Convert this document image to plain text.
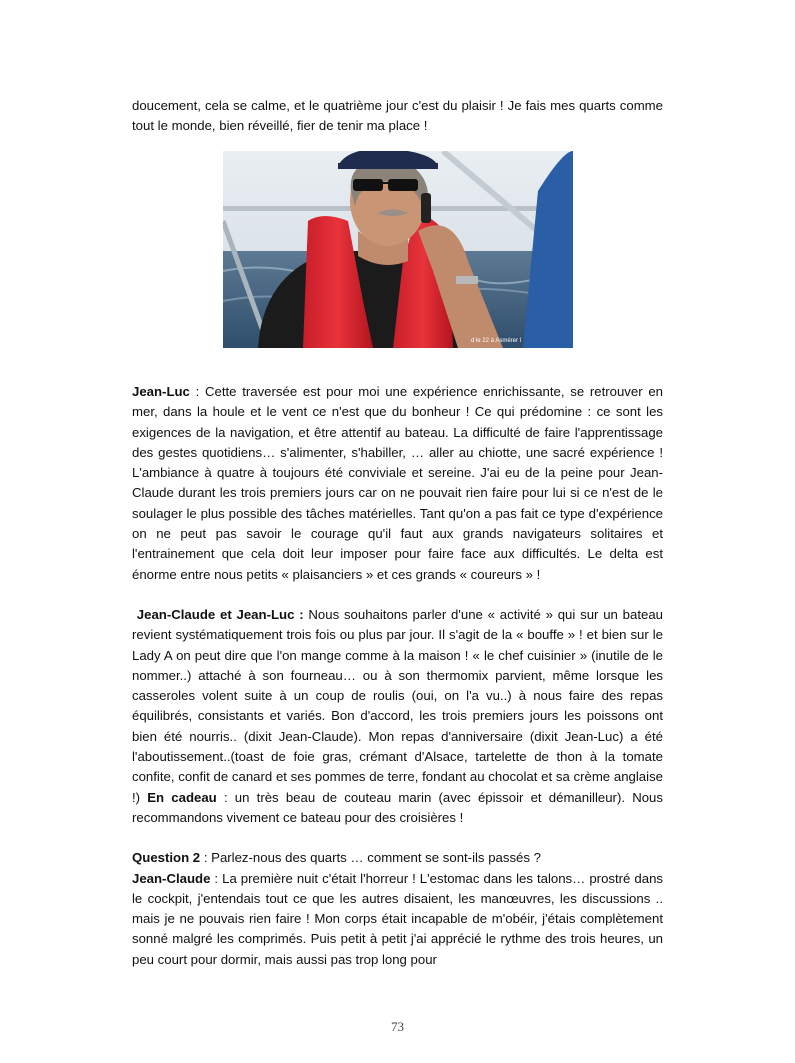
doucement, cela se calme, et le quatrième jour c'est du plaisir ! Je fais mes quarts comme tout le monde, bien réveillé, fier de tenir ma place !

d le 22 à Asmérer l

Jean-Luc : Cette traversée est pour moi une expérience enrichissante, se retrouver en mer, dans la houle et le vent ce n'est que du bonheur ! Ce qui prédomine : ce sont les exigences de la navigation, et être attentif au bateau. La difficulté de faire l'apprentissage des gestes quotidiens… s'alimenter, s'habiller, … aller au chiotte, une sacré expérience ! L'ambiance à quatre à toujours été conviviale et sereine. J'ai eu de la peine pour Jean-Claude durant les trois premiers jours car on ne pouvait rien faire pour lui si ce n'est de le soulager le plus possible des tâches matérielles. Tant qu'on a pas fait ce type d'expérience on ne peut pas savoir le courage qu'il faut aux grands navigateurs solitaires et l'entrainement que cela doit leur imposer pour faire face aux difficultés. Le delta est énorme entre nous petits « plaisanciers » et ces grands « coureurs » !

Jean-Claude et Jean-Luc : Nous souhaitons parler d'une « activité » qui sur un bateau revient systématiquement trois fois ou plus par jour. Il s'agit de la « bouffe » ! et bien sur le Lady A on peut dire que l'on mange comme à la maison ! « le chef cuisinier » (inutile de le nommer..) attaché à son fourneau… ou à son thermomix parvient, même lorsque les casseroles volent suite à un coup de roulis (oui, on l'a vu..) à nous faire des repas équilibrés, consistants et variés. Bon d'accord, les trois premiers jours les poissons ont bien été nourris.. (dixit Jean-Claude). Mon repas d'anniversaire (dixit Jean-Luc) a été l'aboutissement..(toast de foie gras, crémant d'Alsace, tartelette de thon à la tomate confite, confit de canard et ses pommes de terre, fondant au chocolat et sa crème anglaise !) En cadeau : un très beau de couteau marin (avec épissoir et démanilleur). Nous recommandons vivement ce bateau pour des croisières !

Question 2 : Parlez-nous des quarts … comment se sont-ils passés ?

Jean-Claude : La première nuit c'était l'horreur ! L'estomac dans les talons… prostré dans le cockpit, j'entendais tout ce que les autres disaient, les manœuvres, les discussions .. mais je ne pouvais rien faire ! Mon corps était incapable de m'obéir, j'étais complètement sonné malgré les comprimés. Puis petit à petit j'ai apprécié le rythme des trois heures, un peu court pour dormir, mais aussi pas trop long pour

73
